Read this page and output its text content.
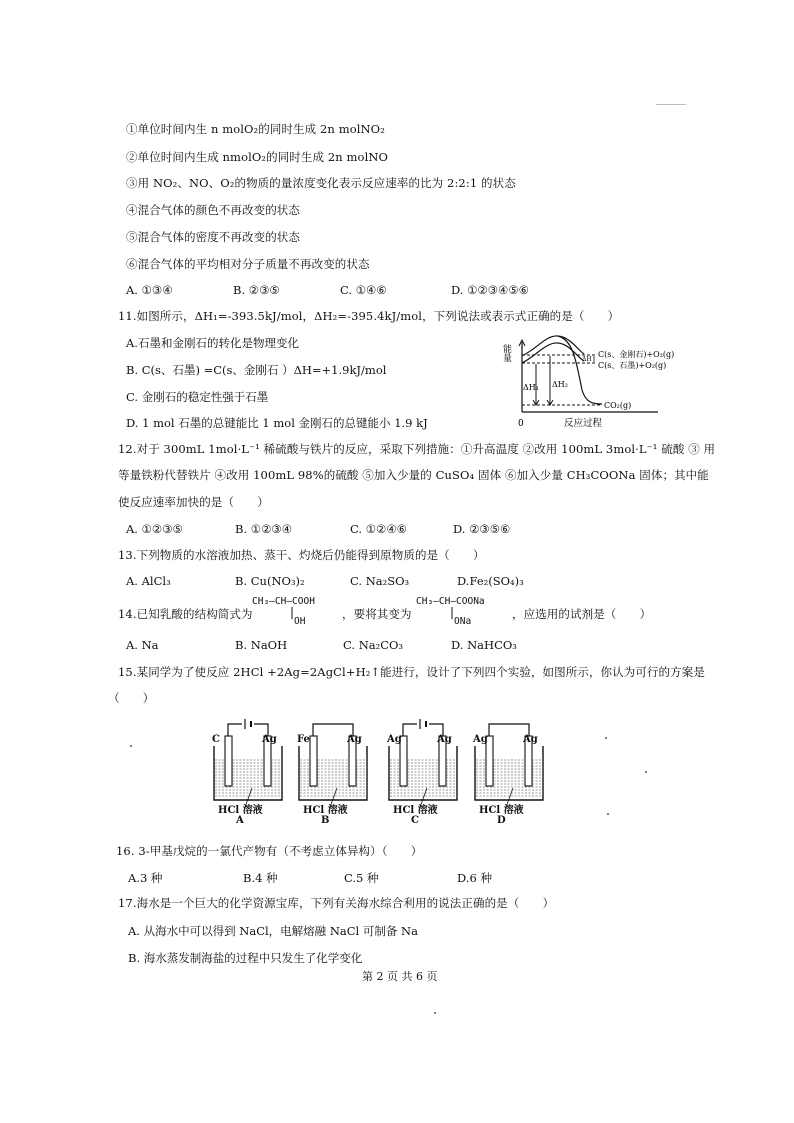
①单位时间内生 n molO₂的同时生成 2n molNO₂
②单位时间内生成 nmolO₂的同时生成 2n molNO
③用 NO₂、NO、O₂的物质的量浓度变化表示反应速率的比为 2:2:1 的状态
④混合气体的颜色不再改变的状态
⑤混合气体的密度不再改变的状态
⑥混合气体的平均相对分子质量不再改变的状态
A. ①③④	B. ②③⑤	C. ①④⑥	D. ①②③④⑤⑥
11.如图所示，ΔH₁=-393.5kJ/mol，ΔH₂=-395.4kJ/mol，下列说法或表示式正确的是（　　）
A.石墨和金刚石的转化是物理变化
B. C(s、石墨) =C(s、金刚石 ）ΔH=+1.9kJ/mol
C. 金刚石的稳定性强于石墨
D. 1 mol 石墨的总键能比 1 mol 金刚石的总键能小 1.9 kJ
能量
0	反应过程
C(s、金刚石)+O₂(g)
C(s、石墨)+O₂(g)
CO₂(g)
ΔH₁ ΔH₂
ΔH
12.对于 300mL 1mol·L⁻¹ 稀硫酸与铁片的反应，采取下列措施：①升高温度 ②改用 100mL 3mol·L⁻¹ 硫酸 ③ 用
等量铁粉代替铁片 ④改用 100mL 98%的硫酸 ⑤加入少量的 CuSO₄ 固体 ⑥加入少量 CH₃COONa 固体；其中能
使反应速率加快的是（　　）
A. ①②③⑤	B. ①②③④	C. ①②④⑥	D. ②③⑤⑥
13.下列物质的水溶液加热、蒸干、灼烧后仍能得到原物质的是（　　）
A. AlCl₃	B. Cu(NO₃)₂	C. Na₂SO₃	D.Fe₂(SO₄)₃
14.已知乳酸的结构简式为
CH₃—CH—COOH
OH
，要将其变为
CH₃—CH—COONa
ONa
，应选用的试剂是（　　）
A. Na	B. NaOH	C. Na₂CO₃	D. NaHCO₃
15.某同学为了使反应 2HCl +2Ag=2AgCl+H₂↑能进行，设计了下列四个实验，如图所示，你认为可行的方案是
（　　）
C	Ag
HCl 溶液
A
Fe	Ag
HCl 溶液
B
Ag	Ag
HCl 溶液
C
Ag	Ag
HCl 溶液
D
16. 3-甲基戊烷的一氯代产物有（不考虑立体异构）（　　）
A.3 种	B.4 种	C.5 种	D.6 种
17.海水是一个巨大的化学资源宝库，下列有关海水综合利用的说法正确的是（　　）
A. 从海水中可以得到 NaCl，电解熔融 NaCl 可制备 Na
B. 海水蒸发制海盐的过程中只发生了化学变化
第 2 页 共 6 页
